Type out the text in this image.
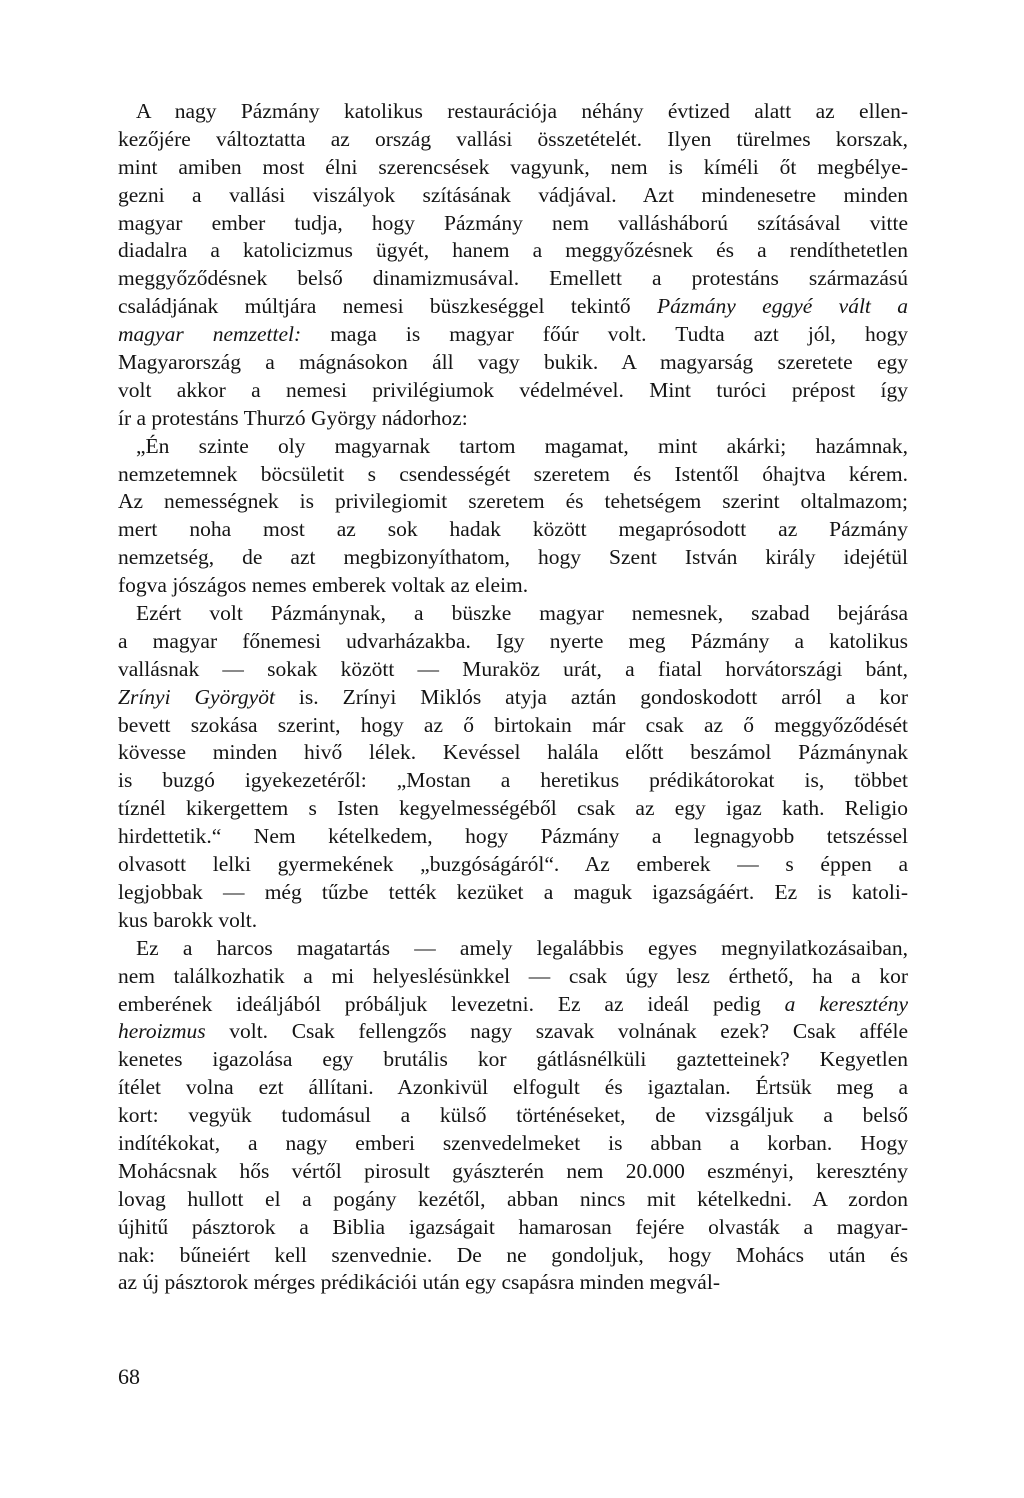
A nagy Pázmány katolikus restaurációja néhány évtized alatt az ellen-

kezőjére változtatta az ország vallási összetételét. Ilyen türelmes korszak,

mint amiben most élni szerencsések vagyunk, nem is kíméli őt megbélye-

gezni a vallási viszályok szításának vádjával. Azt mindenesetre minden

magyar ember tudja, hogy Pázmány nem vallásháború szításával vitte

diadalra a katolicizmus ügyét, hanem a meggyőzésnek és a rendíthetetlen

meggyőződésnek belső dinamizmusával. Emellett a protestáns származású

családjának múltjára nemesi büszkeséggel tekintő Pázmány eggyé vált a

magyar nemzettel: maga is magyar főúr volt. Tudta azt jól, hogy

Magyarország a mágnásokon áll vagy bukik. A magyarság szeretete egy

volt akkor a nemesi privilégiumok védelmével. Mint turóci prépost így

ír a protestáns Thurzó György nádorhoz:

„Én szinte oly magyarnak tartom magamat, mint akárki; hazámnak,

nemzetemnek böcsületit s csendességét szeretem és Istentől óhajtva kérem.

Az nemességnek is privilegiomit szeretem és tehetségem szerint oltalmazom;

mert noha most az sok hadak között megaprósodott az Pázmány

nemzetség, de azt megbizonyíthatom, hogy Szent István király idejétül

fogva jószágos nemes emberek voltak az eleim.

Ezért volt Pázmánynak, a büszke magyar nemesnek, szabad bejárása

a magyar főnemesi udvarházakba. Igy nyerte meg Pázmány a katolikus

vallásnak — sokak között — Muraköz urát, a fiatal horvátországi bánt,

Zrínyi Györgyöt is. Zrínyi Miklós atyja aztán gondoskodott arról a kor

bevett szokása szerint, hogy az ő birtokain már csak az ő meggyőződését

kövesse minden hivő lélek. Kevéssel halála előtt beszámol Pázmánynak

is buzgó igyekezetéről: „Mostan a heretikus prédikátorokat is, többet

tíznél kikergettem s Isten kegyelmességéből csak az egy igaz kath. Religio

hirdettetik.“ Nem kételkedem, hogy Pázmány a legnagyobb tetszéssel

olvasott lelki gyermekének „buzgóságáról“. Az emberek — s éppen a

legjobbak — még tűzbe tették kezüket a maguk igazságáért. Ez is katoli-

kus barokk volt.

Ez a harcos magatartás — amely legalábbis egyes megnyilatkozásaiban,

nem találkozhatik a mi helyeslésünkkel — csak úgy lesz érthető, ha a kor

emberének ideáljából próbáljuk levezetni. Ez az ideál pedig a keresztény

heroizmus volt. Csak fellengzős nagy szavak volnának ezek? Csak afféle

kenetes igazolása egy brutális kor gátlásnélküli gaztetteinek? Kegyetlen

ítélet volna ezt állítani. Azonkivül elfogult és igaztalan. Értsük meg a

kort: vegyük tudomásul a külső történéseket, de vizsgáljuk a belső

indítékokat, a nagy emberi szenvedelmeket is abban a korban. Hogy

Mohácsnak hős vértől pirosult gyászterén nem 20.000 eszményi, keresztény

lovag hullott el a pogány kezétől, abban nincs mit kételkedni. A zordon

újhitű pásztorok a Biblia igazságait hamarosan fejére olvasták a magyar-

nak: bűneiért kell szenvednie. De ne gondoljuk, hogy Mohács után és

az új pásztorok mérges prédikációi után egy csapásra minden megvál-

68
